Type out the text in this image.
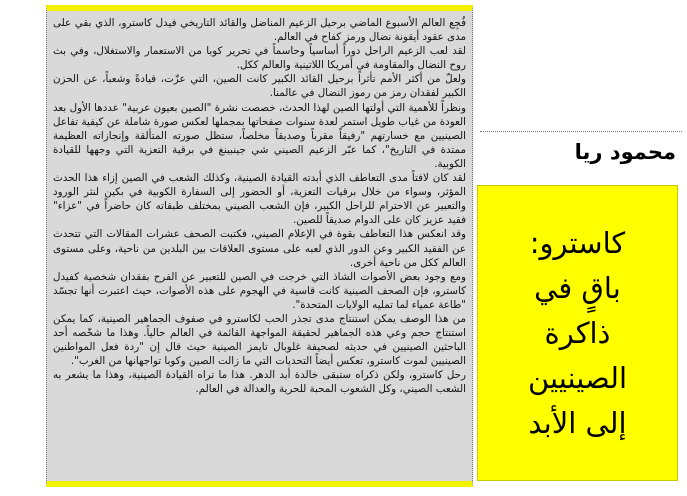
فُجِع العالم الأسبوع الماضي برحيل الزعيم المناضل والقائد التاريخي فيدل كاسترو، الذي بقي على مدى عقود أيقونة نضال ورمز كفاح في العالم.

لقد لعب الزعيم الراحل دوراً أساسياً وحاسماً في تحرير كوبا من الاستعمار والاستغلال، وفي بث روح النضال والمقاومة في أمريكا اللاتينية والعالم ككل.

ولعلّ من أكثر الأمم تأثراً برحيل القائد الكبير كانت الصين، التي عزّت، قيادةً وشعباً، عن الحزن الكبير لفقدان رمز من رموز النضال في عالمنا.

ونظراً للأهمية التي أولتها الصين لهذا الحدث، خصصت نشرة "الصين بعيون عربية" عددها الأول بعد العودة من غياب طويل استمر لعدة سنوات صفحاتها بمجملها لعكس صورة شاملة عن كيفية تفاعل الصينيين مع خسارتهم "رفيقاً مقرباً وصديقاً مخلصاً، ستظل صورته المتألقة وإنجازاته العظيمة ممتدة في التاريخ"، كما عبّر الزعيم الصيني شي جينبينغ في برقية التعزية التي وجهها للقيادة الكوبية.

لقد كان لافتاً مدى التعاطف الذي أبدته القيادة الصينية، وكذلك الشعب في الصين إزاء هذا الحدث المؤثر، وسواء من خلال برقيات التعزية، أو الحضور إلى السفارة الكوبية في بكين لنثر الورود والتعبير عن الاحترام للراحل الكبير، فإن الشعب الصيني بمختلف طبقاته كان حاضراً في "عزاء" فقيد عزيز كان على الدوام صديقاً للصين.

وقد انعكس هذا التعاطف بقوة في الإعلام الصيني، فكتبت الصحف عشرات المقالات التي تتحدث عن الفقيد الكبير وعن الدور الذي لعبه على مستوى العلاقات بين البلدين من ناحية، وعلى مستوى العالم ككل من ناحية أخرى.

ومع وجود بعض الأصوات الشاذ التي خرجت في الصين للتعبير عن الفرح بفقدان شخصية كفيدل كاسترو، فإن الصحف الصينية كانت قاسية في الهجوم على هذه الأصوات، حيث اعتبرت أنها تجسّد "طاعة عمياء لما تمليه الولايات المتحدة".

من هذا الوصف يمكن استنتاج مدى تجذر الحب لكاسترو في صفوف الجماهير الصينية، كما يمكن استنتاج حجم وعي هذه الجماهير لحقيقة المواجهة القائمة في العالم حالياً. وهذا ما شخّصه أحد الباحثين الصينيين في حديثه لصحيفة غلوبال تايمز الصينية حيث قال إن "ردة فعل المواطنين الصينيين لموت كاسترو، تعكس أيضاً التحديات التي ما زالت الصين وكوبا تواجهانها من الغرب".

رحل كاسترو، ولكن ذكراه ستبقى خالدة أبد الدهر. هذا ما تراه القيادة الصينية، وهذا ما يشعر به الشعب الصيني، وكل الشعوب المحبة للحرية والعدالة في العالم.

محمود ريا
كاسترو:
باقٍ في
ذاكرة
الصينيين
إلى الأبد
